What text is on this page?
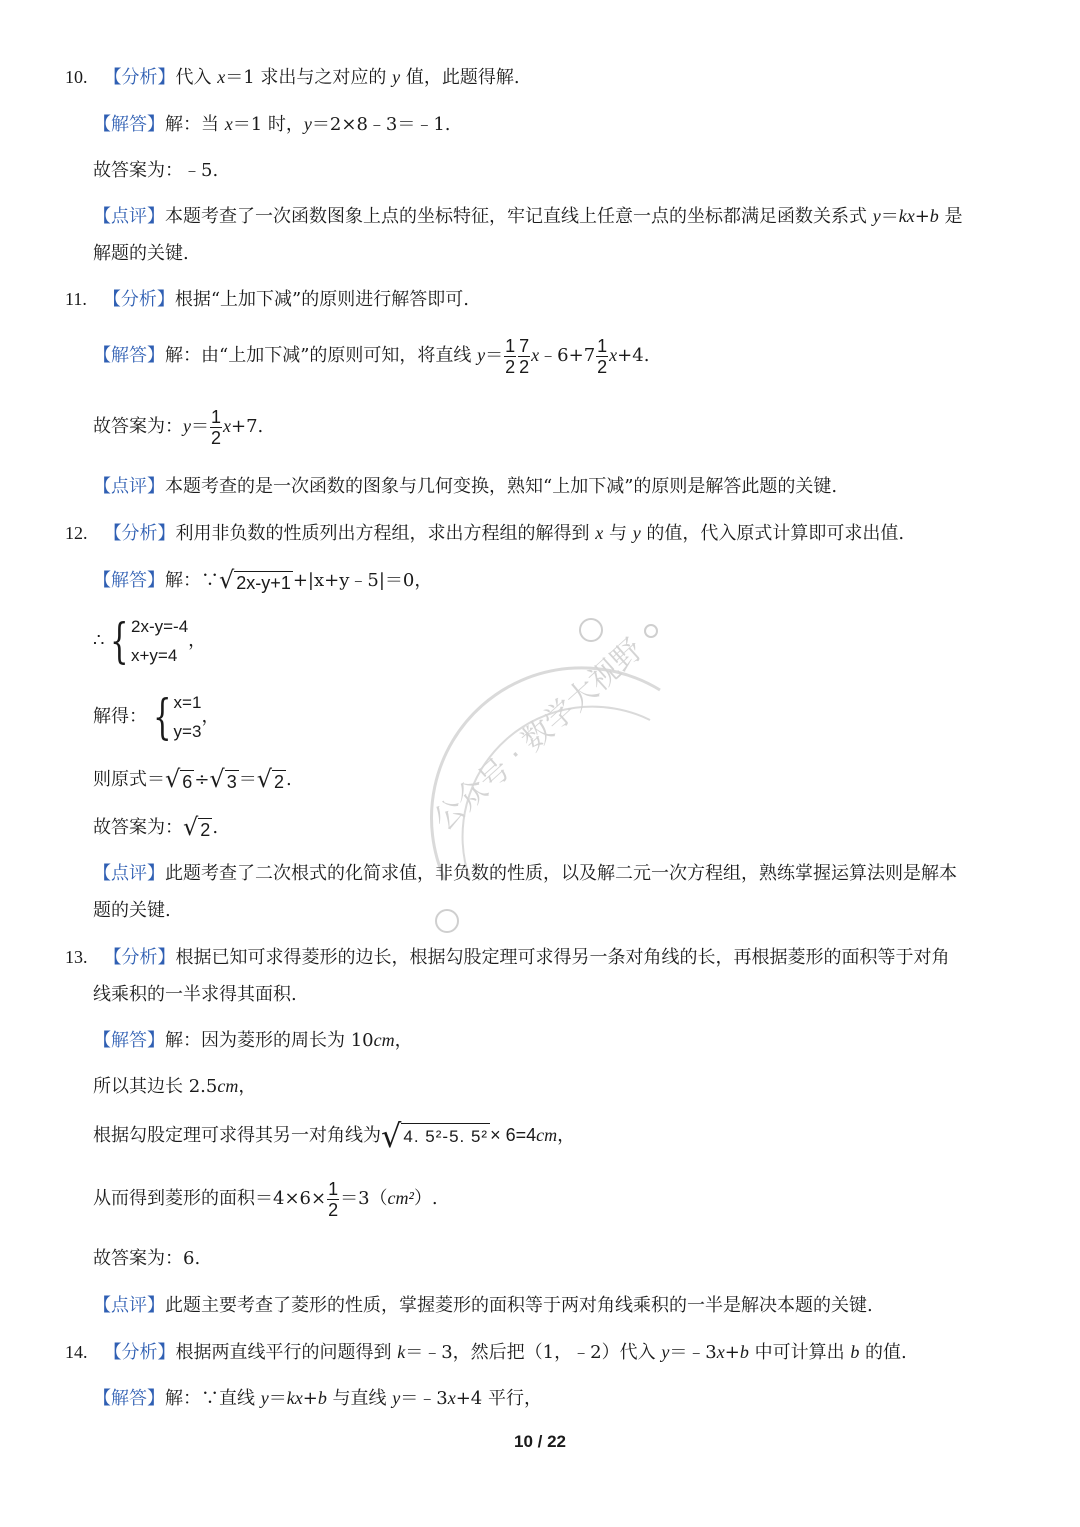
公众号 · 数学大视野
10. 【分析】代入 x＝1 求出与之对应的 y 值，此题得解.
【解答】解：当 x＝1 时，y＝2×8﹣3＝﹣1.
故答案为：﹣5.
【点评】本题考查了一次函数图象上点的坐标特征，牢记直线上任意一点的坐标都满足函数关系式 y＝kx+b 是
解题的关键.
11. 【分析】根据“上加下减”的原则进行解答即可.
【解答】解：由“上加下减”的原则可知，将直线 $y= \frac{1}{2} \frac{7}{2}$ x﹣6+7 $\frac{1}{2} x+4$.
故答案为：$y= \frac{1}{2} x+7$.
【点评】本题考查的是一次函数的图象与几何变换，熟知“上加下减”的原则是解答此题的关键.
12. 【分析】利用非负数的性质列出方程组，求出方程组的解得到 x 与 y 的值，代入原式计算即可求出值.
【解答】解：∵ √ 2x-y+1 +|x+y﹣5|＝0，
∴ { 2x-y=-4
x+y=4
，
解得： { x=1
y=3
，
则原式＝ √ 6 ÷ √ 3 ＝ √ 2 .
故答案为： √ 2 .
【点评】此题考查了二次根式的化简求值，非负数的性质，以及解二元一次方程组，熟练掌握运算法则是解本
题的关键.
13. 【分析】根据已知可求得菱形的边长，根据勾股定理可求得另一条对角线的长，再根据菱形的面积等于对角
线乘积的一半求得其面积.
【解答】解：因为菱形的周长为 10cm，
所以其边长 2.5cm，
根据勾股定理可求得其另一对角线为 √ 4. 5²-5. 5² × 6=4cm，
从而得到菱形的面积$=4\times 6\times \frac{1}{2} =3(cm^2)$.
故答案为：6.
【点评】此题主要考查了菱形的性质，掌握菱形的面积等于两对角线乘积的一半是解决本题的关键.
14. 【分析】根据两直线平行的问题得到 k＝﹣3，然后把（1，﹣2）代入 y＝﹣3x+b 中可计算出 b 的值.
【解答】解：∵直线 y＝kx+b 与直线 y＝﹣3x+4 平行，
10 / 22
